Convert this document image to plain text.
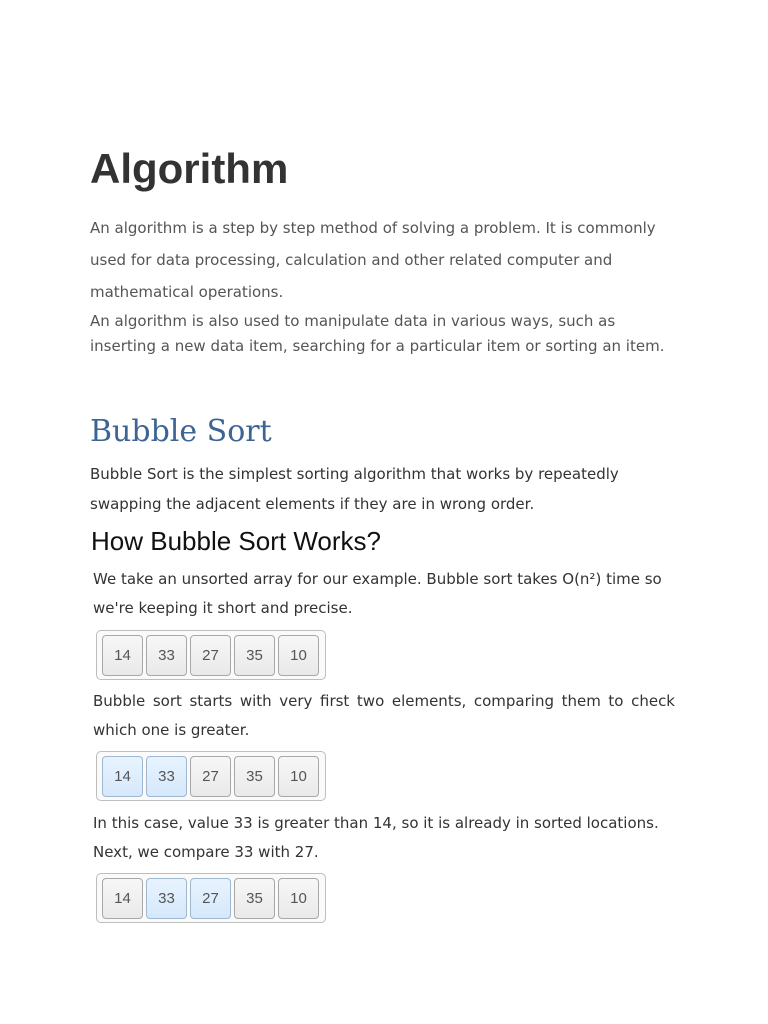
Algorithm

An algorithm is a step by step method of solving a problem. It is commonly
used for data processing, calculation and other related computer and
mathematical operations.

An algorithm is also used to manipulate data in various ways, such as
inserting a new data item, searching for a particular item or sorting an item.

Bubble Sort

Bubble Sort is the simplest sorting algorithm that works by repeatedly
swapping the adjacent elements if they are in wrong order.

How Bubble Sort Works?

We take an unsorted array for our example. Bubble sort takes O(n²) time so
we're keeping it short and precise.

14	33	27	35	10

Bubble sort starts with very first two elements, comparing them to check which one is greater.

14	33	27	35	10

In this case, value 33 is greater than 14, so it is already in sorted locations.
Next, we compare 33 with 27.

14	33	27	35	10
